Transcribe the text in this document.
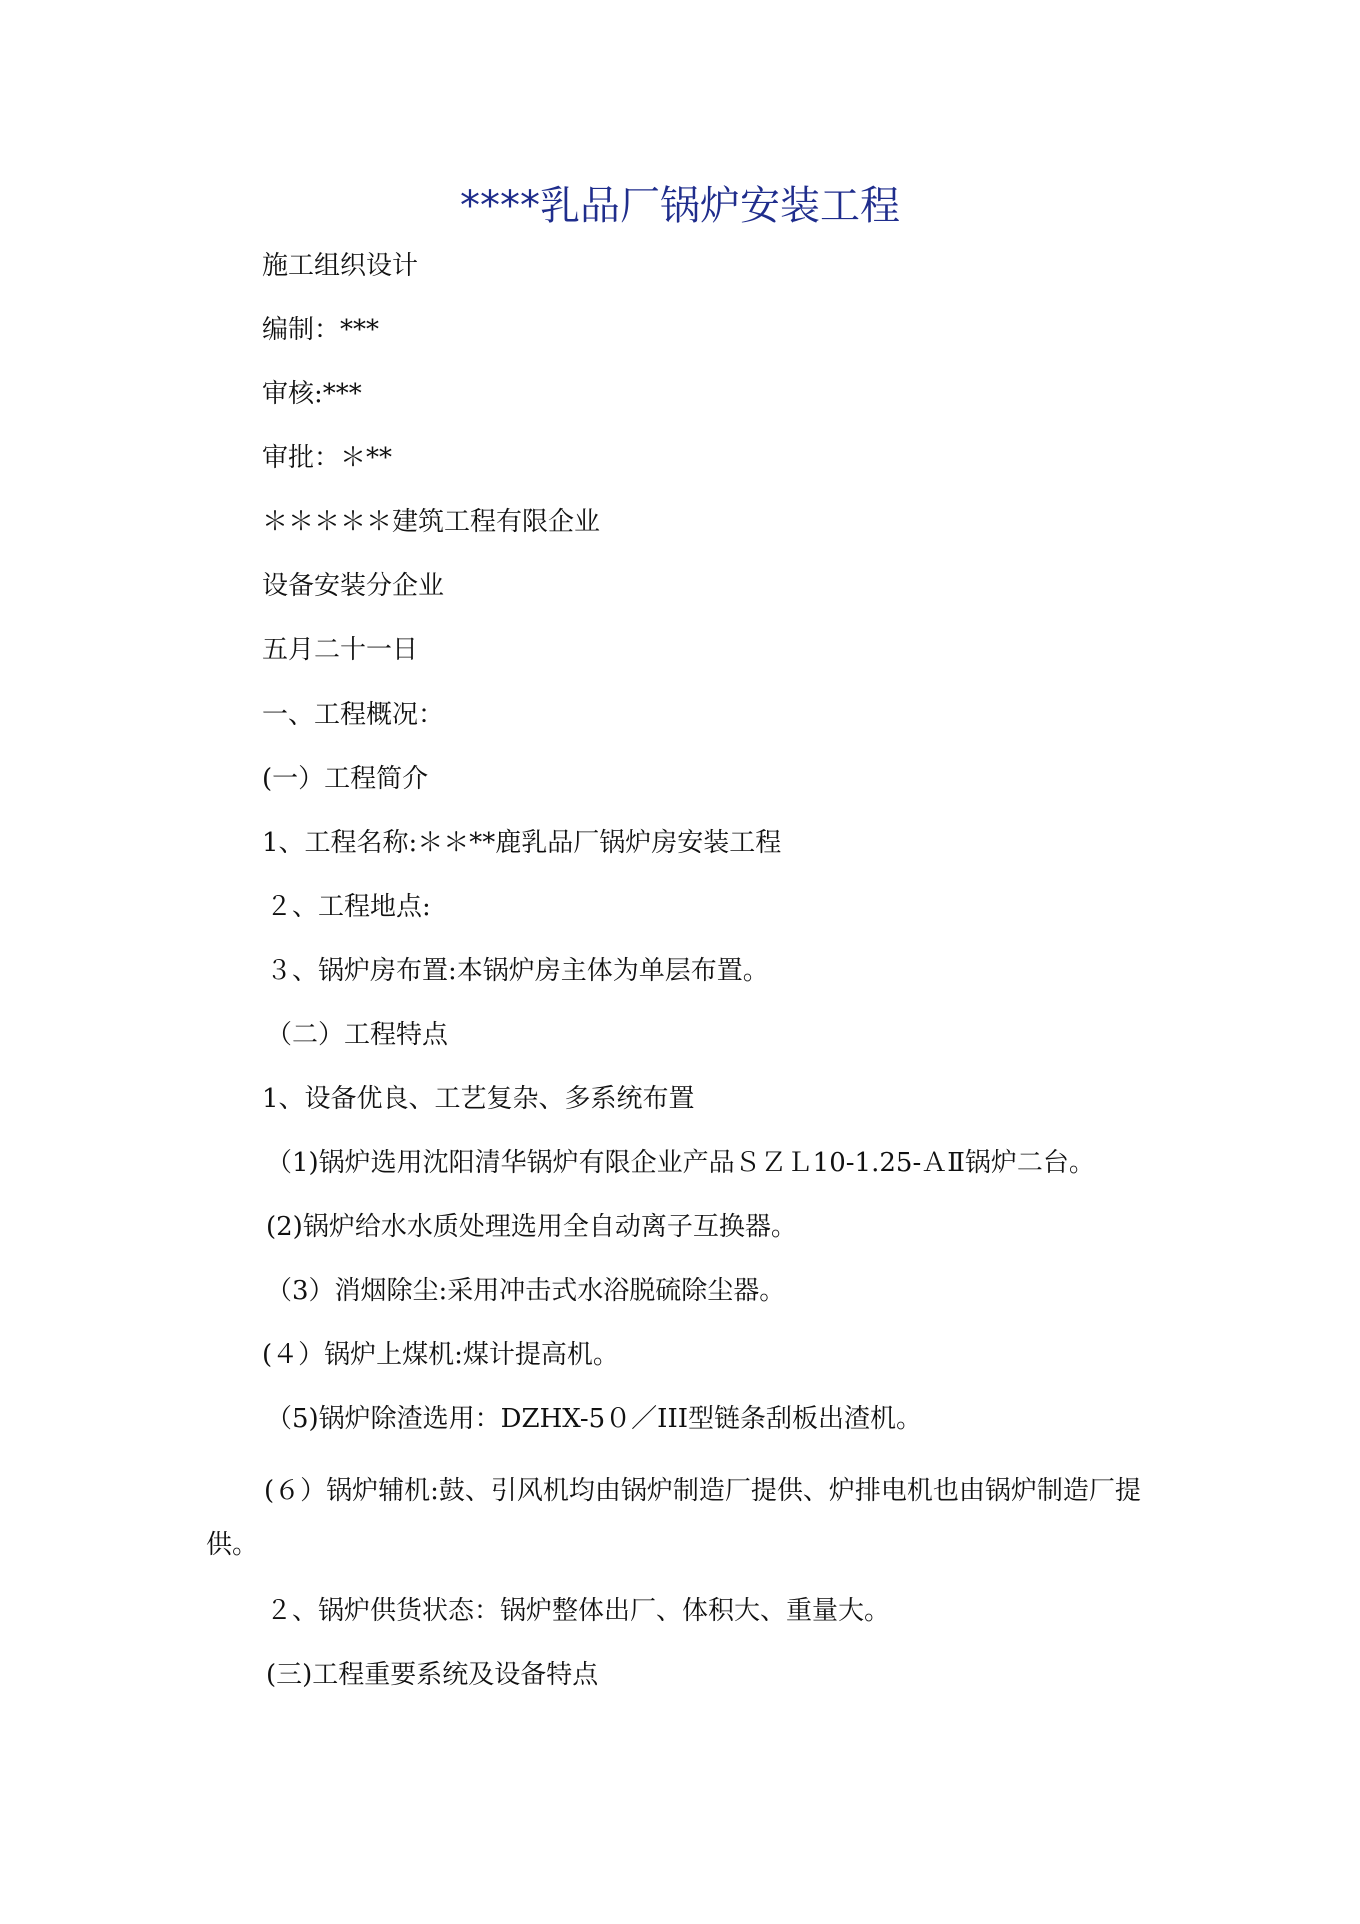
****乳品厂锅炉安装工程
施工组织设计
编制：***
审核:***
审批：＊**
＊＊＊＊＊建筑工程有限企业
设备安装分企业
五月二十一日
一、工程概况：
(一）工程简介
1、工程名称:＊＊**鹿乳品厂锅炉房安装工程
２、工程地点:
３、锅炉房布置:本锅炉房主体为单层布置。
（二）工程特点
1、设备优良、工艺复杂、多系统布置
（1)锅炉选用沈阳清华锅炉有限企业产品ＳＺＬ10-1.25-ＡⅡ锅炉二台。
(2)锅炉给水水质处理选用全自动离子互换器。
（3）消烟除尘:采用冲击式水浴脱硫除尘器。
(４）锅炉上煤机:煤计提高机。
（5)锅炉除渣选用：DZHX-5０／III型链条刮板出渣机。
(６）锅炉辅机:鼓、引风机均由锅炉制造厂提供、炉排电机也由锅炉制造厂提供。
２、锅炉供货状态：锅炉整体出厂、体积大、重量大。
(三)工程重要系统及设备特点
